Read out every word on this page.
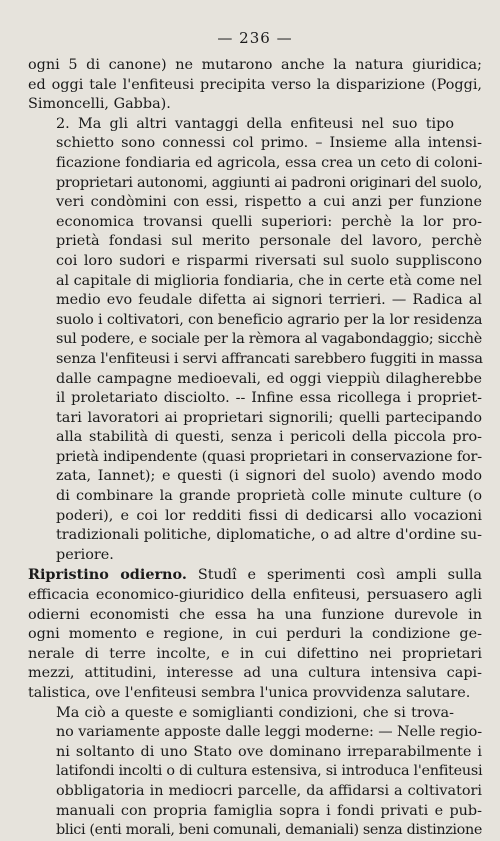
— 236 —

ogni 5 di canone) ne mutarono anche la natura giuridica;
ed oggi tale l'enfiteusi precipita verso la disparizione (Poggi,
Simoncelli, Gabba).

2. Ma gli altri vantaggi della enfiteusi nel suo tipo
schietto sono connessi col primo. – Insieme alla intensi-
ficazione fondiaria ed agricola, essa crea un ceto di coloni-
proprietari autonomi, aggiunti ai padroni originari del suolo,
veri condòmini con essi, rispetto a cui anzi per funzione
economica trovansi quelli superiori: perchè la lor pro-
prietà fondasi sul merito personale del lavoro, perchè
coi loro sudori e risparmi riversati sul suolo suppliscono
al capitale di miglioria fondiaria, che in certe età come nel
medio evo feudale difetta ai signori terrieri. — Radica al
suolo i coltivatori, con beneficio agrario per la lor residenza
sul podere, e sociale per la rèmora al vagabondaggio; sicchè
senza l'enfiteusi i servi affrancati sarebbero fuggiti in massa
dalle campagne medioevali, ed oggi vieppiù dilagherebbe
il proletariato disciolto. -- Infine essa ricollega i propriet-
tari lavoratori ai proprietari signorili; quelli partecipando
alla stabilità di questi, senza i pericoli della piccola pro-
prietà indipendente (quasi proprietari in conservazione for-
zata, Iannet); e questi (i signori del suolo) avendo modo
di combinare la grande proprietà colle minute culture (o
poderi), e coi lor redditi fissi di dedicarsi allo vocazioni
tradizionali politiche, diplomatiche, o ad altre d'ordine su-
periore.

Ripristino odierno. Studî e sperimenti così ampli sulla
efficacia economico-giuridico della enfiteusi, persuasero agli
odierni economisti che essa ha una funzione durevole in
ogni momento e regione, in cui perduri la condizione ge-
nerale di terre incolte, e in cui difettino nei proprietari
mezzi, attitudini, interesse ad una cultura intensiva capi-
talistica, ove l'enfiteusi sembra l'unica provvidenza salutare.

Ma ciò a queste e somiglianti condizioni, che si trova-
no variamente apposte dalle leggi moderne: — Nelle regio-
ni soltanto di uno Stato ove dominano irreparabilmente i
latifondi incolti o di cultura estensiva, si introduca l'enfiteusi
obbligatoria in mediocri parcelle, da affidarsi a coltivatori
manuali con propria famiglia sopra i fondi privati e pub-
blici (enti morali, beni comunali, demaniali) senza distinzione
